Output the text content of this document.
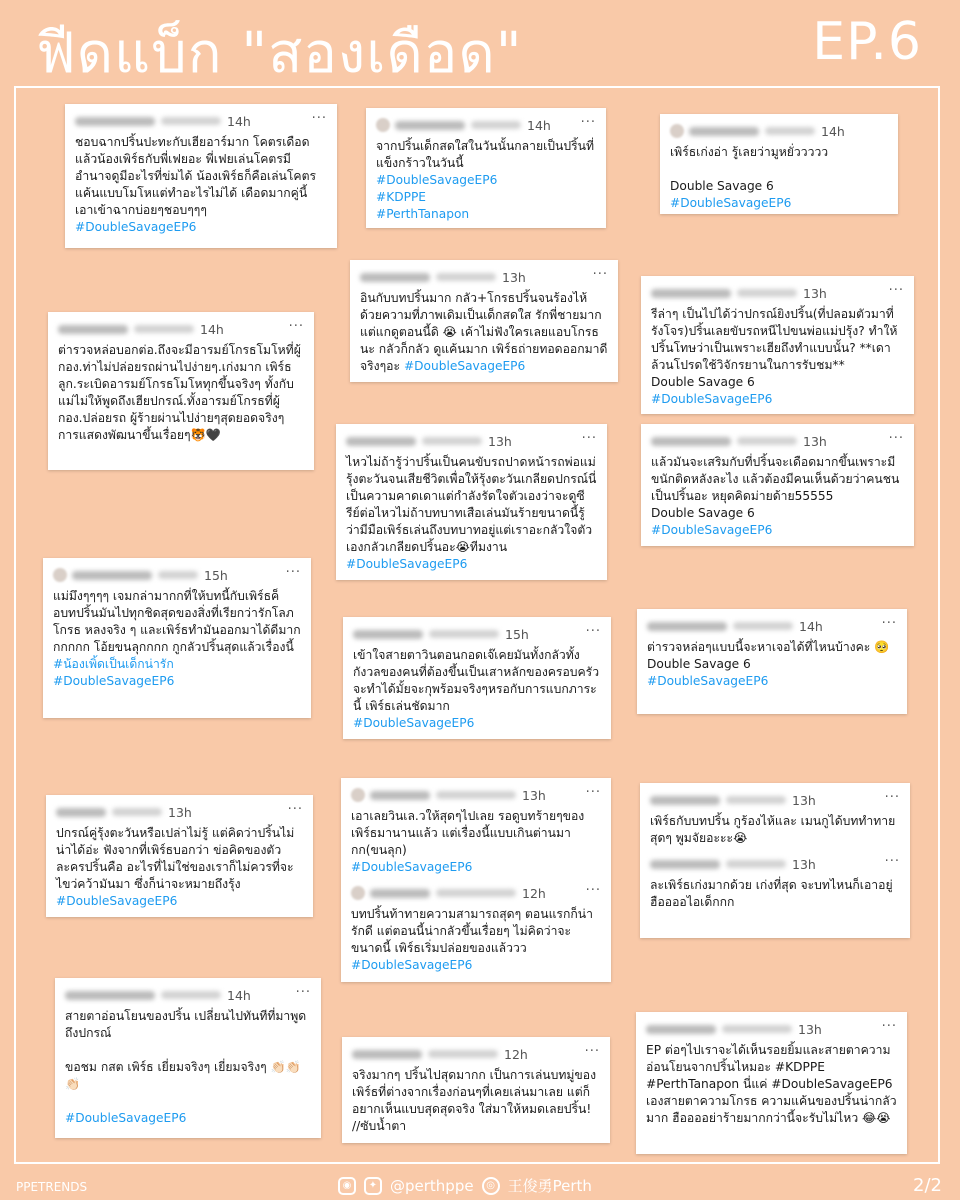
ฟีดแบ็ก "สองเดือด"	EP.6
14h	···
ชอบฉากปริ้นปะทะกับเฮียอาร์มาก โคตรเดือด แล้วน้องเพิร์ธกับพี่เฟยอะ พี่เฟยเล่นโคตรมีอำนาจดูมีอะไรที่ข่มได้ น้องเพิร์ธก็คือเล่นโคตรแค้นแบบโมโหแต่ทำอะไรไม่ได้ เดือดมากคู่นี้ เอาเข้าฉากบ่อยๆชอบๆๆๆ
#DoubleSavageEP6
14h ···
จากปริ้นเด็กสดใสในวันนั้นกลายเป็นปริ้นที่แข็งกร้าวในวันนี้
#DoubleSavageEP6
#KDPPE
#PerthTanapon
14h
เพิร์ธเก่งอ่า รู้เลยว่ามูหยั่ววววว

Double Savage 6
#DoubleSavageEP6
13h	···
อินกับบทปริ้นมาก กลัว+โกรธปริ้นจนร้องไห้ ด้วยความที่ภาพเดิมเป็นเด็กสดใส รักพี่ชายมาก แต่แกดูตอนนี้ดิ 😭 เค้าไม่ฟังใครเลยแอบโกรธนะ กลัวก็กลัว ดูแค้นมาก เพิร์ธถ่ายทอดออกมาดีจริงๆอะ #DoubleSavageEP6
14h	···
ต่ารวจหล่อบอกต่อ.ถึงจะมีอารมย์โกรธโมโหที่ผู้กอง.ท่าไม่ปล่อยรถผ่านไปง่ายๆ.เก่งมาก เพิร์ธลูก.ระเบิดอารมย์โกรธโมโหทุกขึ้นจริงๆ ทั้งกับแม่ไม่ให้พูดถึงเฮียปกรณ์.ทั้งอารมย์โกรธที่ผู้กอง.ปล่อยรถ ผู้ร้ายผ่านไปง่ายๆสุดยอดจริงๆการแสดงพัฒนาขึ้นเรื่อยๆ🐯🖤
13h	···
รีล่าๆ เป็นไปได้ว่าปกรณ์ยิงปริ้น(ที่ปลอมตัวมาที่รังโจร)ปริ้นเลยขับรถหนีไปขนพ่อแม่ปรุ้ง? ทำให้ปริ้นโทษว่าเป็นเพราะเฮียถึงทำแบบนั้น? **เดาล้วนโปรดใช้วิจักรยานในการรับชม**
Double Savage 6
#DoubleSavageEP6
13h	···
ไหวไม่ถ้ารู้ว่าปริ้นเป็นคนขับรถปาดหน้ารถพ่อแม่รุ้งตะวันจนเสียชีวิตเพื่อให้รุ้งตะวันเกลียดปกรณ์นี่เป็นความคาดเดาแต่กำลังรัดใจตัวเองว่าจะดูซีรีย์ต่อไหวไม่ถ้าบทบาทเสือเล่นมันร้ายขนาดนี้รู้ว่ามีมือเพิร์ธเล่นถึงบทบาทอยู่แต่เราอะกลัวใจตัวเองกลัวเกลียดปริ้นอะ😭ทีมงาน
#DoubleSavageEP6
13h	···
แล้วมันจะเสริมกับที่ปริ้นจะเดือดมากขึ้นเพราะมีขนักติดหลังละไง แล้วต้องมีคนเห็นด้วยว่าคนชนเป็นปริ้นอะ หยุดคิดม่ายด้าย55555
Double Savage 6
#DoubleSavageEP6
15h	···
แม่มึงๆๆๆๆ เจมกล่ามากกที่ให้บทนี้กับเพิร์ธค็อบทปริ้นมันไปทุกชิดสุดของสิ่งที่เรียกว่ารักโลภ โกรธ หลงจริง ๆ และเพิร์ธทำมันออกมาได้ดีมากกกกกก โอ้ยขนลุกกกก กูกลัวปริ้นสุดแล้วเรื่องนี้
#น้องเพิ้ดเป็นเด็กน่ารัก
#DoubleSavageEP6
15h	···
เข้าใจสายตาวินตอนกอดเจ๊เคยมันทั้งกลัวทั้งกังวลของคนที่ต้องขึ้นเป็นเสาหลักของครอบครัว จะทำได้มั้ยจะกุพร้อมจริงๆหรอกับการแบกภาระนี้ เพิร์ธเล่นชัดมาก
#DoubleSavageEP6
14h	···
ต่ารวจหล่อๆแบบนี้จะหาเจอได้ที่ไหนบ้างคะ 🥺
Double Savage 6
#DoubleSavageEP6
13h	···
ปกรณ์คู่รุ้งตะวันหรือเปล่าไม่รู้ แต่คิดว่าปริ้นไม่น่าได้อ่ะ ฟังจากที่เพิร์ธบอกว่า ข่อคิดของตัวละครปริ้นคือ อะไรที่ไม่ใช่ของเราก็ไม่ควรที่จะไขว่คว้ามันมา ซึ่งก็น่าจะหมายถึงรุ้ง
#DoubleSavageEP6
13h	···
เอาเลยวินเล.วให้สุดๆไปเลย รอดูบทร้ายๆของเพิร์ธมานานแล้ว แต่เรื่องนี้แบบเกินต่านมากก(ขนลุก)
#DoubleSavageEP6
12h	···
บทปริ้นท้าทายความสามารถสุดๆ ตอนแรกก็น่ารักดี แต่ตอนนี้น่ากลัวขึ้นเรื่อยๆ ไม่คิดว่าจะขนาดนี้ เพิร์ธเริ่มปล่อยของแล้ววว
#DoubleSavageEP6
13h	···
เพิร์ธกับบทปริ้น กูร้องไห้และ เมนกูได้บททำทายสุดๆ พูมจัยอะะะ😭
13h	···
ละเพิร์ธเก่งมากด้วย เก่งที่สุด จะบทไหนก็เอาอยู่ ฮืออออไอเด็กกก
14h	···
สายตาอ่อนโยนของปริ้น เปลี่ยนไปทันทีที่มาพูดถึงปกรณ์

ขอชม กสต เพิร์ธ เยี่ยมจริงๆ เยี่ยมจริงๆ 👏🏻👏🏻👏🏻

#DoubleSavageEP6
12h	···
จริงมากๆ ปริ้นไปสุดมากก เป็นการเล่นบทมู่ของเพิร์ธที่ต่างจากเรื่องก่อนๆที่เคยเล่นมาเลย แต่ก็อยากเห็นแบบสุดสุดจริง ใส่มาให้หมดเลยปริ้น! //ซับน้ำตา
13h	···
EP ต่อๆไปเราจะได้เห็นรอยยิ้มและสายตาความอ่อนโยนจากปริ้นไหมอะ #KDPPE #PerthTanapon นี่แค่ #DoubleSavageEP6 เองสายตาความโกรธ ความแค้นของปริ้นน่ากลัวมาก ฮืออออย่าร้ายมากกว่านี้จะรับไม่ไหว 😂😭
PPETRENDS	◉	✦ @perthppe	◎ 王俊勇Perth	2/2
